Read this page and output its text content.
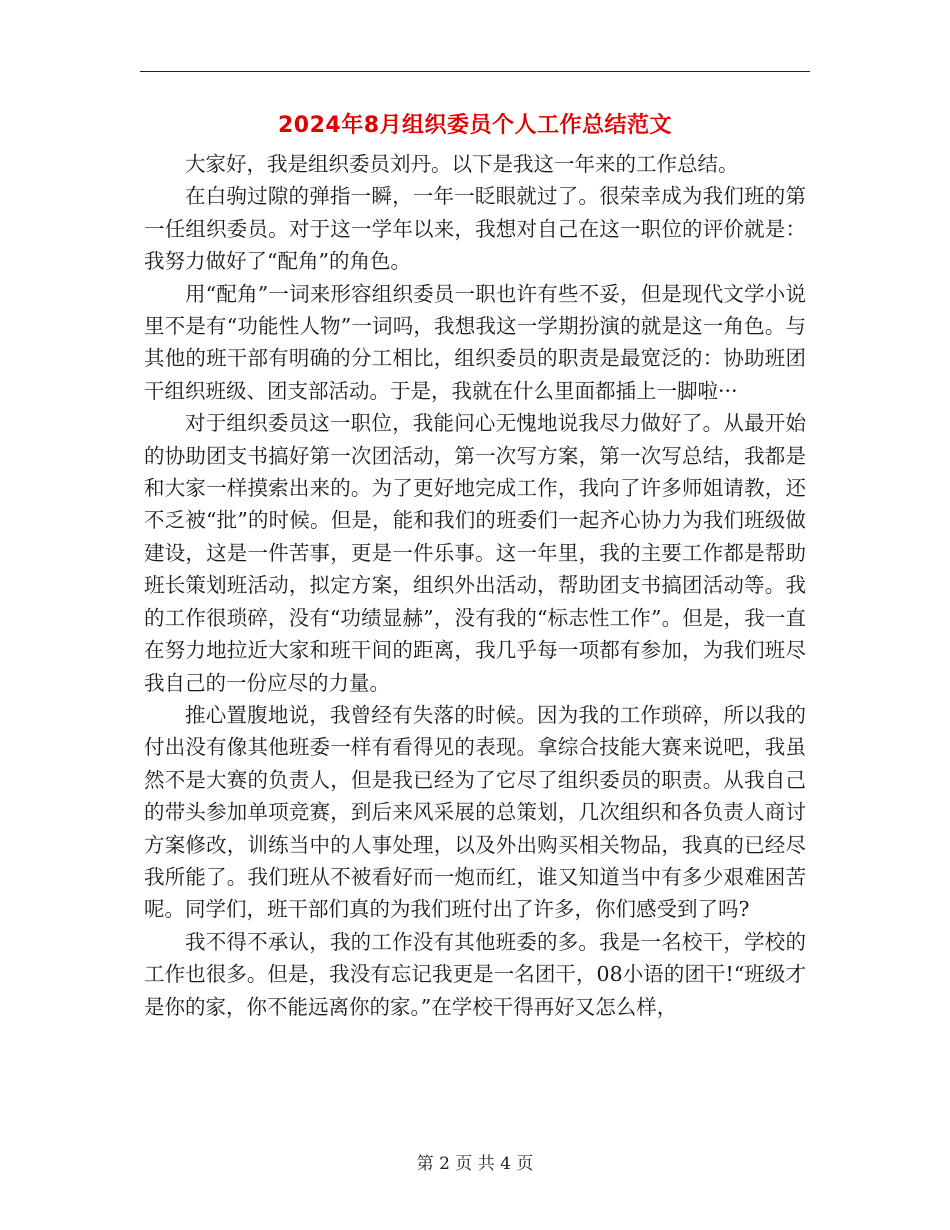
2024年8月组织委员个人工作总结范文

大家好，我是组织委员刘丹。以下是我这一年来的工作总结。

在白驹过隙的弹指一瞬，一年一眨眼就过了。很荣幸成为我们班的第一任组织委员。对于这一学年以来，我想对自己在这一职位的评价就是：我努力做好了“配角”的角色。

用“配角”一词来形容组织委员一职也许有些不妥，但是现代文学小说里不是有“功能性人物”一词吗，我想我这一学期扮演的就是这一角色。与其他的班干部有明确的分工相比，组织委员的职责是最宽泛的：协助班团干组织班级、团支部活动。于是，我就在什么里面都插上一脚啦···

对于组织委员这一职位，我能问心无愧地说我尽力做好了。从最开始的协助团支书搞好第一次团活动，第一次写方案，第一次写总结，我都是和大家一样摸索出来的。为了更好地完成工作，我向了许多师姐请教，还不乏被“批”的时候。但是，能和我们的班委们一起齐心协力为我们班级做建设，这是一件苦事，更是一件乐事。这一年里，我的主要工作都是帮助班长策划班活动，拟定方案，组织外出活动，帮助团支书搞团活动等。我的工作很琐碎，没有“功绩显赫”，没有我的“标志性工作”。但是，我一直在努力地拉近大家和班干间的距离，我几乎每一项都有参加，为我们班尽我自己的一份应尽的力量。

推心置腹地说，我曾经有失落的时候。因为我的工作琐碎，所以我的付出没有像其他班委一样有看得见的表现。拿综合技能大赛来说吧，我虽然不是大赛的负责人，但是我已经为了它尽了组织委员的职责。从我自己的带头参加单项竞赛，到后来风采展的总策划，几次组织和各负责人商讨方案修改，训练当中的人事处理，以及外出购买相关物品，我真的已经尽我所能了。我们班从不被看好而一炮而红，谁又知道当中有多少艰难困苦呢。同学们，班干部们真的为我们班付出了许多，你们感受到了吗?

我不得不承认，我的工作没有其他班委的多。我是一名校干，学校的工作也很多。但是，我没有忘记我更是一名团干，08小语的团干!“班级才是你的家，你不能远离你的家。”在学校干得再好又怎么样，

第 2 页 共 4 页
